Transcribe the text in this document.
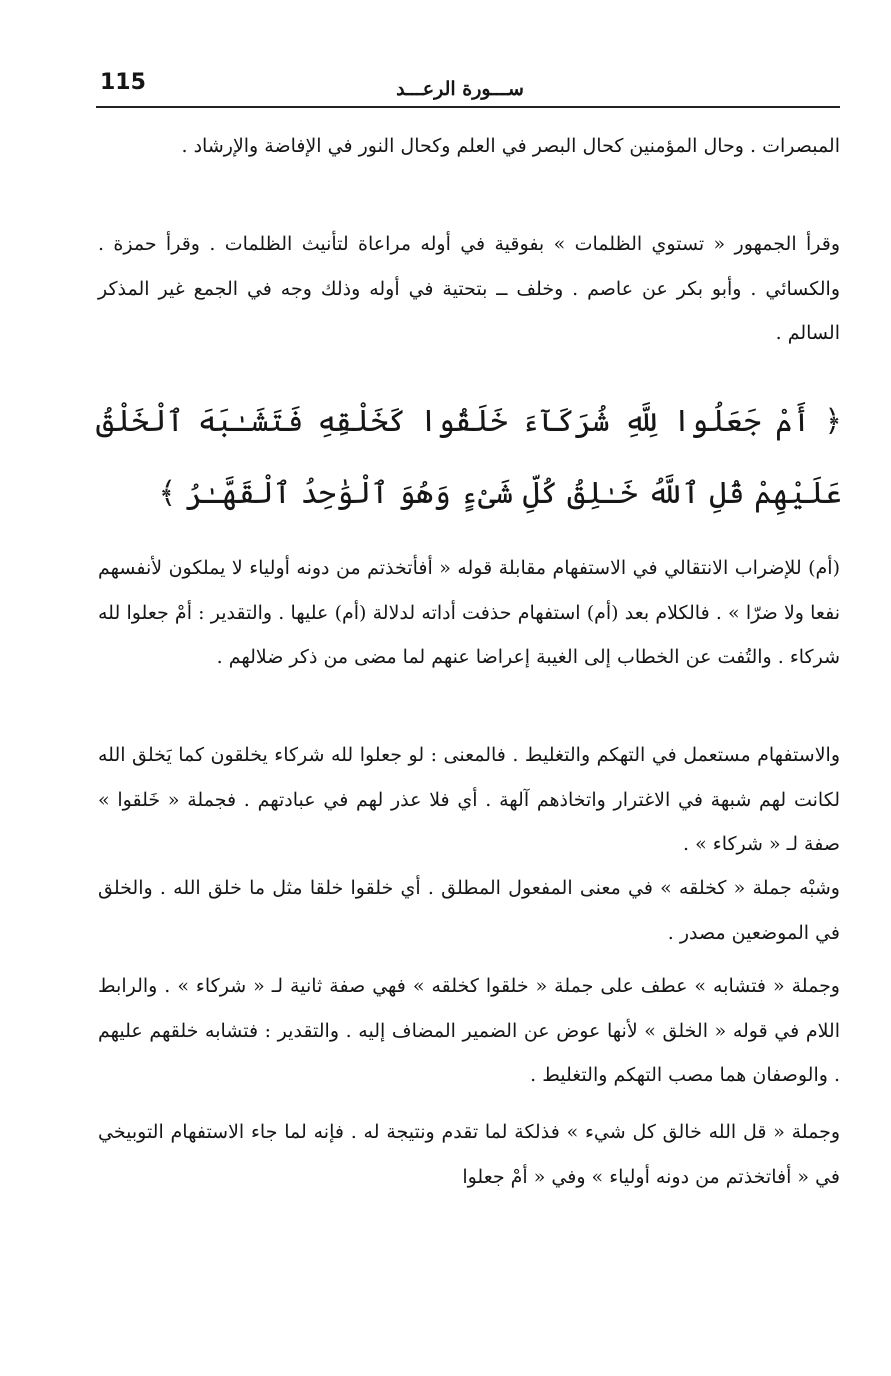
115	ســـورة الرعـــد

المبصرات . وحال المؤمنين كحال البصر في العلم وكحال النور في الإفاضة والإرشاد .

وقرأ الجمهور « تستوي الظلمات » بفوقية في أوله مراعاة لتأنيث الظلمات . وقرأ حمزة . والكسائي . وأبو بكر عن عاصم . وخلف ــ بتحتية في أوله وذلك وجه في الجمع غير المذكر السالم .

﴿ أَمْ جَعَلُوا لِلَّهِ شُرَكَآءَ خَلَقُوا كَخَلْقِهِ فَتَشَـٰبَهَ ٱلْخَلْقُ عَلَيْهِمْ قُلِ ٱللَّهُ خَـٰلِقُ كُلِّ شَىْءٍ وَهُوَ ٱلْوَٰحِدُ ٱلْقَهَّـٰرُ ﴾

(أم) للإضراب الانتقالي في الاستفهام مقابلة قوله « أفأتخذتم من دونه أولياء لا يملكون لأنفسهم نفعا ولا ضرّا » . فالكلام بعد (أم) استفهام حذفت أداته لدلالة (أم) عليها . والتقدير : أمْ جعلوا لله شركاء . والتُفت عن الخطاب إلى الغيبة إعراضا عنهم لما مضى من ذكر ضلالهم .

والاستفهام مستعمل في التهكم والتغليط . فالمعنى : لو جعلوا لله شركاء يخلقون كما يَخلق الله لكانت لهم شبهة في الاغترار واتخاذهم آلهة . أي فلا عذر لهم في عبادتهم . فجملة « خَلقوا » صفة لـ « شركاء » .

وشبْه جملة « كخلقه » في معنى المفعول المطلق . أي خلقوا خلقا مثل ما خلق الله . والخلق في الموضعين مصدر .

وجملة « فتشابه » عطف على جملة « خلقوا كخلقه » فهي صفة ثانية لـ « شركاء » . والرابط اللام في قوله « الخلق » لأنها عوض عن الضمير المضاف إليه . والتقدير : فتشابه خلقهم عليهم . والوصفان هما مصب التهكم والتغليط .

وجملة « قل الله خالق كل شيء » فذلكة لما تقدم ونتيجة له . فإنه لما جاء الاستفهام التوبيخي في « أفاتخذتم من دونه أولياء » وفي « أمْ جعلوا
